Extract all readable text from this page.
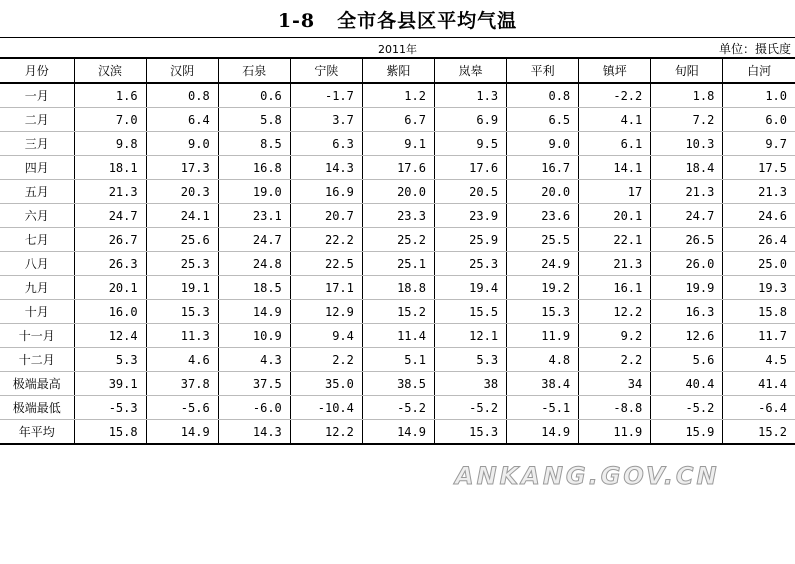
1-8 全市各县区平均气温
2011年	单位：摄氏度
月份	汉滨	汉阴	石泉	宁陕	紫阳	岚皋	平利	镇坪	旬阳	白河
一月	1.6	0.8	0.6	-1.7	1.2	1.3	0.8	-2.2	1.8	1.0
二月	7.0	6.4	5.8	3.7	6.7	6.9	6.5	4.1	7.2	6.0
三月	9.8	9.0	8.5	6.3	9.1	9.5	9.0	6.1	10.3	9.7
四月	18.1	17.3	16.8	14.3	17.6	17.6	16.7	14.1	18.4	17.5
五月	21.3	20.3	19.0	16.9	20.0	20.5	20.0	17	21.3	21.3
六月	24.7	24.1	23.1	20.7	23.3	23.9	23.6	20.1	24.7	24.6
七月	26.7	25.6	24.7	22.2	25.2	25.9	25.5	22.1	26.5	26.4
八月	26.3	25.3	24.8	22.5	25.1	25.3	24.9	21.3	26.0	25.0
九月	20.1	19.1	18.5	17.1	18.8	19.4	19.2	16.1	19.9	19.3
十月	16.0	15.3	14.9	12.9	15.2	15.5	15.3	12.2	16.3	15.8
十一月	12.4	11.3	10.9	9.4	11.4	12.1	11.9	9.2	12.6	11.7
十二月	5.3	4.6	4.3	2.2	5.1	5.3	4.8	2.2	5.6	4.5
极端最高	39.1	37.8	37.5	35.0	38.5	38	38.4	34	40.4	41.4
极端最低	-5.3	-5.6	-6.0	-10.4	-5.2	-5.2	-5.1	-8.8	-5.2	-6.4
年平均	15.8	14.9	14.3	12.2	14.9	15.3	14.9	11.9	15.9	15.2
ANKANG.GOV.CN
